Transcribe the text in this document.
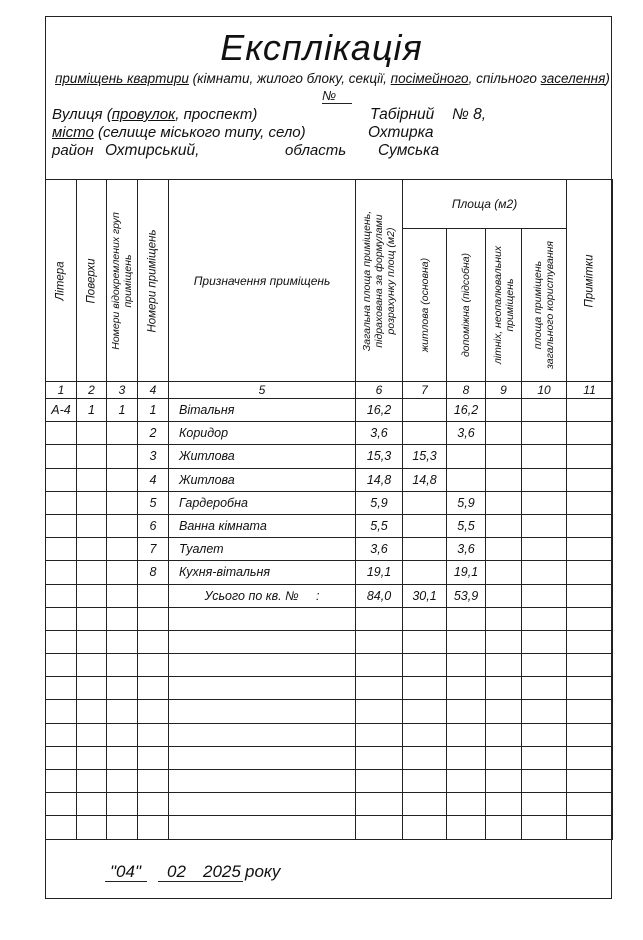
Експлікація
приміщень квартири (кімнати, жилого блоку, секції, посімейного, спільного заселення)
№
Вулиця (провулок, проспект)	Табірний № 8,
місто (селище міського типу, село)	Охтирка
район Охтирський,	область Сумська
Літера	Поверхи	Номери відокремлених груп приміщень	Номери приміщень	Призначення приміщень	Загальна площа приміщень, підрахована за формулами розрахунку площ (м2)	Площа (м2)				Примітки

						житлова (основна)	допоміжна (підсобна)	літніх, неопалювальних приміщень	площа приміщень загального користування	

1	2	3	4	5	6	7	8	9	10	11
А-4	1	1	1	Вітальня	16,2		16,2			
			2	Коридор	3,6		3,6			
			3	Житлова	15,3	15,3				
			4	Житлова	14,8	14,8				
			5	Гардеробна	5,9		5,9			
			6	Ванна кімната	5,5		5,5			
			7	Туалет	3,6		3,6			
			8	Кухня-вітальня	19,1		19,1			
				Усього по кв. №     :	84,0	30,1	53,9			

"04" 02 2025 року
